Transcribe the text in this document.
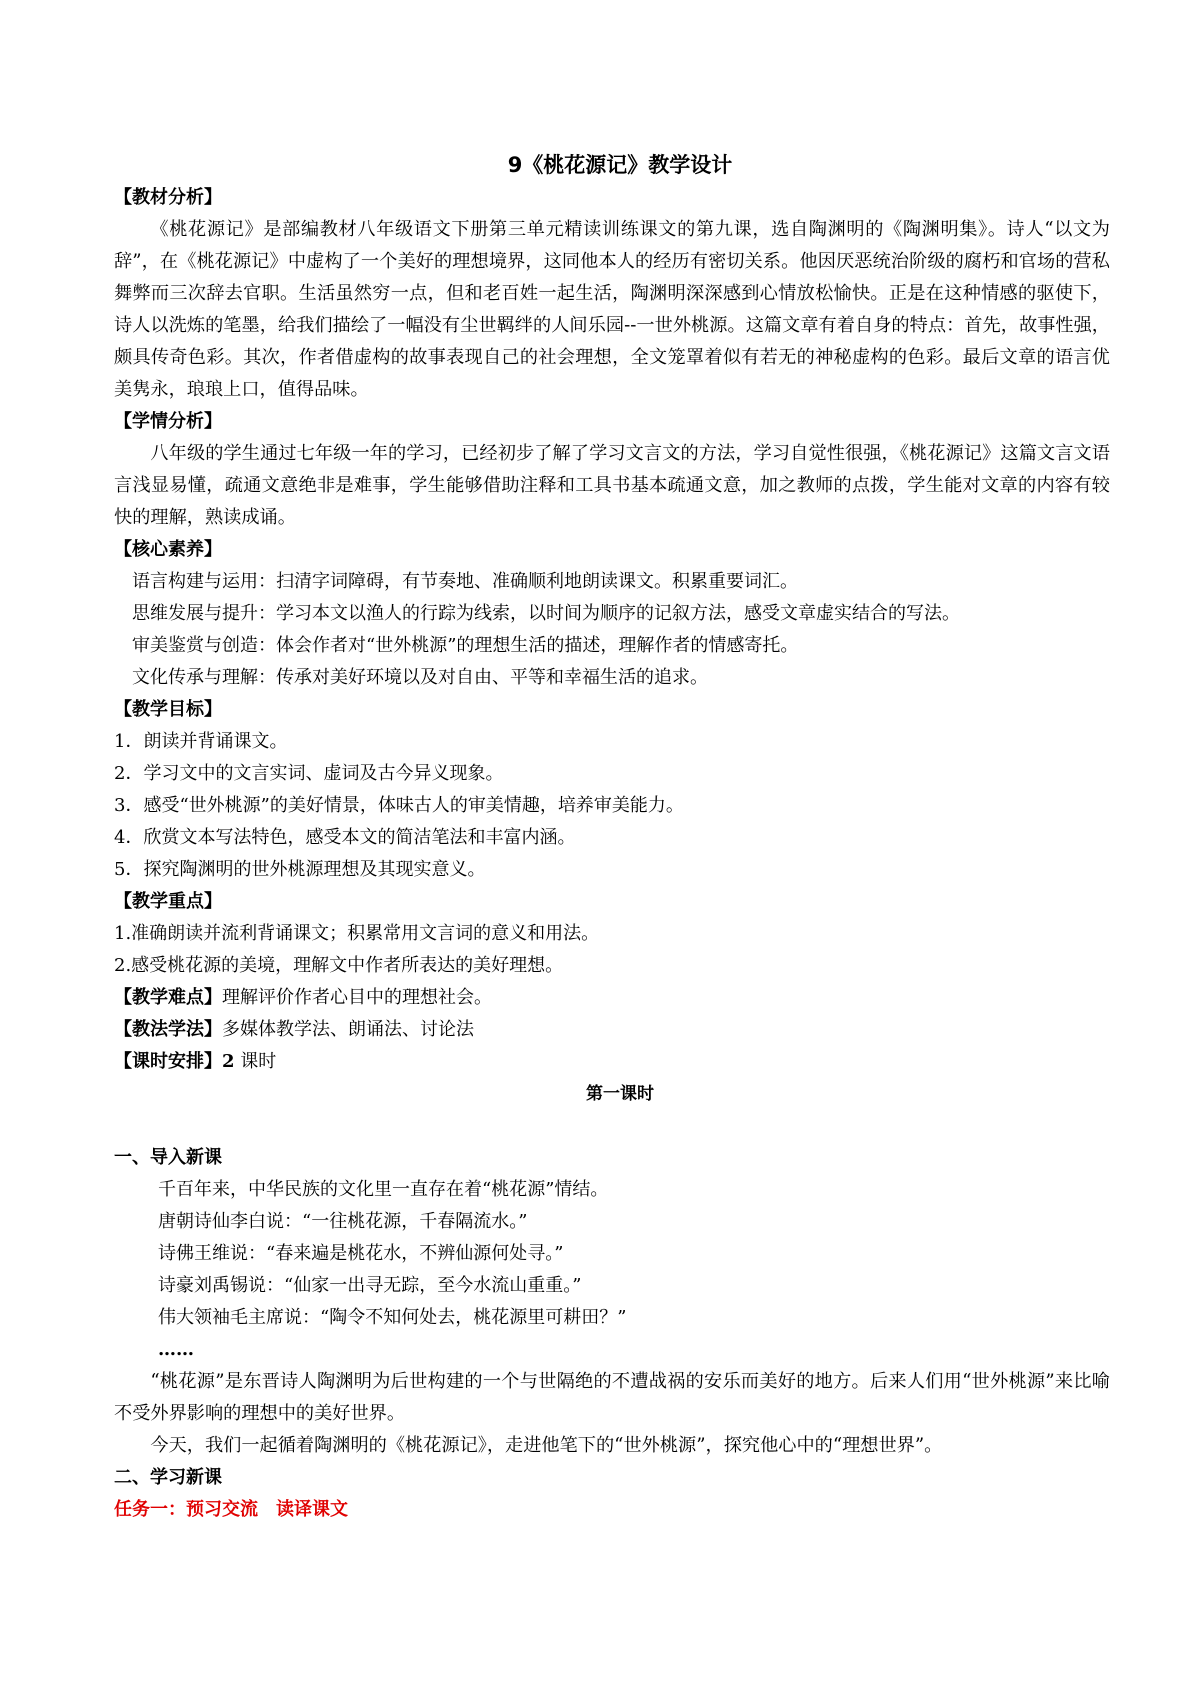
9《桃花源记》教学设计
【教材分析】

《桃花源记》是部编教材八年级语文下册第三单元精读训练课文的第九课，选自陶渊明的《陶渊明集》。诗人“以文为辞”，在《桃花源记》中虚构了一个美好的理想境界，这同他本人的经历有密切关系。他因厌恶统治阶级的腐朽和官场的营私舞弊而三次辞去官职。生活虽然穷一点，但和老百姓一起生活，陶渊明深深感到心情放松愉快。正是在这种情感的驱使下，诗人以洗炼的笔墨，给我们描绘了一幅没有尘世羁绊的人间乐园--一世外桃源。这篇文章有着自身的特点：首先，故事性强，颇具传奇色彩。其次，作者借虚构的故事表现自己的社会理想，全文笼罩着似有若无的神秘虚构的色彩。最后文章的语言优美隽永，琅琅上口，值得品味。

【学情分析】

八年级的学生通过七年级一年的学习，已经初步了解了学习文言文的方法，学习自觉性很强，《桃花源记》这篇文言文语言浅显易懂，疏通文意绝非是难事，学生能够借助注释和工具书基本疏通文意，加之教师的点拨，学生能对文章的内容有较快的理解，熟读成诵。

【核心素养】
语言构建与运用：扫清字词障碍，有节奏地、准确顺利地朗读课文。积累重要词汇。
思维发展与提升：学习本文以渔人的行踪为线索，以时间为顺序的记叙方法，感受文章虚实结合的写法。
审美鉴赏与创造：体会作者对“世外桃源”的理想生活的描述，理解作者的情感寄托。
文化传承与理解：传承对美好环境以及对自由、平等和幸福生活的追求。
【教学目标】
1．朗读并背诵课文。
2．学习文中的文言实词、虚词及古今异义现象。
3．感受“世外桃源”的美好情景，体味古人的审美情趣，培养审美能力。
4．欣赏文本写法特色，感受本文的简洁笔法和丰富内涵。
5．探究陶渊明的世外桃源理想及其现实意义。
【教学重点】
1.准确朗读并流利背诵课文；积累常用文言词的意义和用法。
2.感受桃花源的美境，理解文中作者所表达的美好理想。
【教学难点】理解评价作者心目中的理想社会。
【教法学法】多媒体教学法、朗诵法、讨论法
【课时安排】2 课时
第一课时
一、导入新课
千百年来，中华民族的文化里一直存在着“桃花源”情结。
唐朝诗仙李白说：“一往桃花源，千春隔流水。”
诗佛王维说：“春来遍是桃花水，不辨仙源何处寻。”
诗豪刘禹锡说：“仙家一出寻无踪，至今水流山重重。”
伟大领袖毛主席说：“陶令不知何处去，桃花源里可耕田？”
……

“桃花源”是东晋诗人陶渊明为后世构建的一个与世隔绝的不遭战祸的安乐而美好的地方。后来人们用“世外桃源”来比喻不受外界影响的理想中的美好世界。

今天，我们一起循着陶渊明的《桃花源记》，走进他笔下的“世外桃源”，探究他心中的“理想世界”。

二、学习新课
任务一：预习交流　读译课文
